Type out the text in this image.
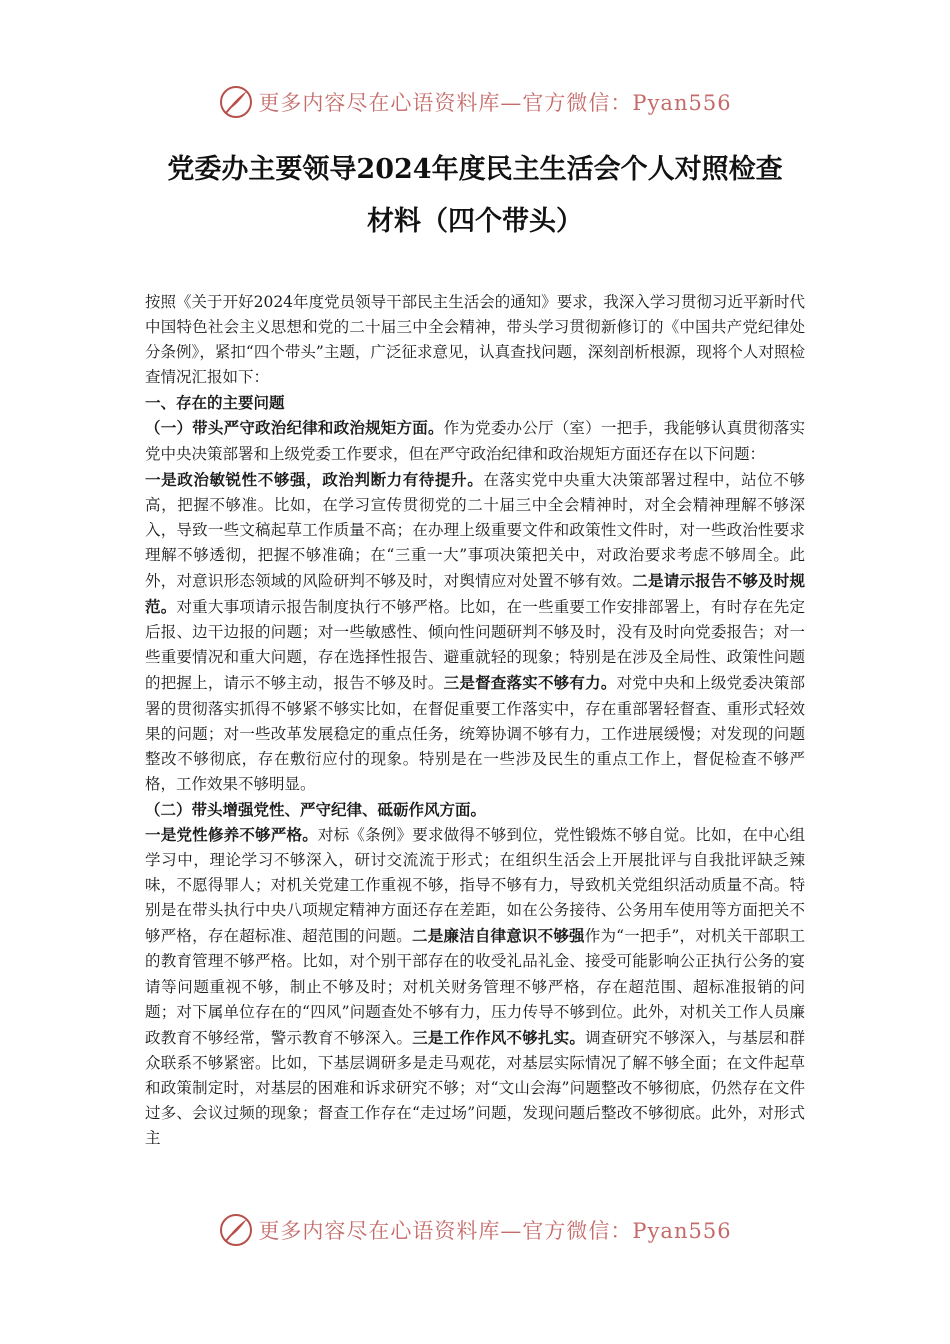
更多内容尽在心语资料库—官方微信：Pyan556
党委办主要领导2024年度民主生活会个人对照检查
材料（四个带头）

按照《关于开好2024年度党员领导干部民主生活会的通知》要求，我深入学习贯彻习近平新时代中国特色社会主义思想和党的二十届三中全会精神，带头学习贯彻新修订的《中国共产党纪律处分条例》，紧扣“四个带头”主题，广泛征求意见，认真查找问题，深刻剖析根源，现将个人对照检查情况汇报如下：

一、存在的主要问题

（一）带头严守政治纪律和政治规矩方面。作为党委办公厅（室）一把手，我能够认真贯彻落实党中央决策部署和上级党委工作要求，但在严守政治纪律和政治规矩方面还存在以下问题：

一是政治敏锐性不够强，政治判断力有待提升。在落实党中央重大决策部署过程中，站位不够高，把握不够准。比如，在学习宣传贯彻党的二十届三中全会精神时，对全会精神理解不够深入，导致一些文稿起草工作质量不高；在办理上级重要文件和政策性文件时，对一些政治性要求理解不够透彻，把握不够准确；在“三重一大”事项决策把关中，对政治要求考虑不够周全。此外，对意识形态领域的风险研判不够及时，对舆情应对处置不够有效。二是请示报告不够及时规范。对重大事项请示报告制度执行不够严格。比如，在一些重要工作安排部署上，有时存在先定后报、边干边报的问题；对一些敏感性、倾向性问题研判不够及时，没有及时向党委报告；对一些重要情况和重大问题，存在选择性报告、避重就轻的现象；特别是在涉及全局性、政策性问题的把握上，请示不够主动，报告不够及时。三是督查落实不够有力。对党中央和上级党委决策部署的贯彻落实抓得不够紧不够实比如，在督促重要工作落实中，存在重部署轻督查、重形式轻效果的问题；对一些改革发展稳定的重点任务，统筹协调不够有力，工作进展缓慢；对发现的问题整改不够彻底，存在敷衍应付的现象。特别是在一些涉及民生的重点工作上，督促检查不够严格，工作效果不够明显。

（二）带头增强党性、严守纪律、砥砺作风方面。

一是党性修养不够严格。对标《条例》要求做得不够到位，党性锻炼不够自觉。比如，在中心组学习中，理论学习不够深入，研讨交流流于形式；在组织生活会上开展批评与自我批评缺乏辣味，不愿得罪人；对机关党建工作重视不够，指导不够有力，导致机关党组织活动质量不高。特别是在带头执行中央八项规定精神方面还存在差距，如在公务接待、公务用车使用等方面把关不够严格，存在超标准、超范围的问题。二是廉洁自律意识不够强作为“一把手”，对机关干部职工的教育管理不够严格。比如，对个别干部存在的收受礼品礼金、接受可能影响公正执行公务的宴请等问题重视不够，制止不够及时；对机关财务管理不够严格，存在超范围、超标准报销的问题；对下属单位存在的“四风”问题查处不够有力，压力传导不够到位。此外，对机关工作人员廉政教育不够经常，警示教育不够深入。三是工作作风不够扎实。调查研究不够深入，与基层和群众联系不够紧密。比如，下基层调研多是走马观花，对基层实际情况了解不够全面；在文件起草和政策制定时，对基层的困难和诉求研究不够；对“文山会海”问题整改不够彻底，仍然存在文件过多、会议过频的现象；督查工作存在“走过场”问题，发现问题后整改不够彻底。此外，对形式主

更多内容尽在心语资料库—官方微信：Pyan556
